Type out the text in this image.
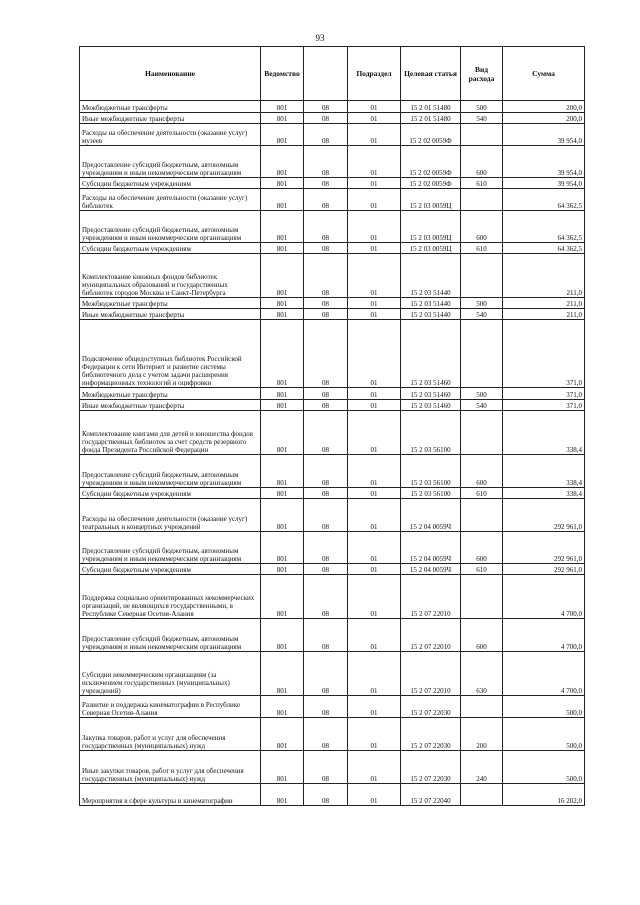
93
Наименование	Ведомство		Подраздел	Целевая статья	Вид расхода	Сумма
Межбюджетные трансферты	801	08	01	15 2 01 51480	500	200,0
Иные межбюджетные трансферты	801	08	01	15 2 01 51480	540	200,0
Расходы на обеспечение деятельности (оказание услуг) музеев	801	08	01	15 2 02 0059Ф		39 954,0
Предоставление субсидий бюджетным, автономным учреждениям и иным некоммерческим организациям	801	08	01	15 2 02 0059Ф	600	39 954,0
Субсидии бюджетным учреждениям	801	08	01	15 2 02 0059Ф	610	39 954,0
Расходы на обеспечение деятельности (оказание услуг) библиотек	801	08	01	15 2 03 0059Ц		64 362,5
Предоставление субсидий бюджетным, автономным учреждениям и иным некоммерческим организациям	801	08	01	15 2 03 0059Ц	600	64 362,5
Субсидии бюджетным учреждениям	801	08	01	15 2 03 0059Ц	610	64 362,5
Комплектование книжных фондов библиотек муниципальных образований и государственных библиотек городов Москвы и Санкт-Петербурга	801	08	01	15 2 03 51440		211,0
Межбюджетные трансферты	801	08	01	15 2 03 51440	500	211,0
Иные межбюджетные трансферты	801	08	01	15 2 03 51440	540	211,0
Подключение общедоступных библиотек Российской Федерации к сети Интернет и развитие системы библиотечного дела с учетом задачи расширения информационных технологий и оцифровки	801	08	01	15 2 03 51460		371,0
Межбюджетные трансферты	801	08	01	15 2 03 51460	500	371,0
Иные межбюджетные трансферты	801	08	01	15 2 03 51460	540	371,0
Комплектование книгами для детей и юношества фондов государственных библиотек за счет средств резервного фонда Президента Российской Федерации	801	08	01	15 2 03 56100		338,4
Предоставление субсидий бюджетным, автономным учреждениям и иным некоммерческим организациям	801	08	01	15 2 03 56100	600	338,4
Субсидии бюджетным учреждениям	801	08	01	15 2 03 56100	610	338,4
Расходы на обеспечение деятельности (оказание услуг) театральных и концертных учреждений	801	08	01	15 2 04 0059Ч		292 961,0
Предоставление субсидий бюджетным, автономным учреждениям и иным некоммерческим организациям	801	08	01	15 2 04 0059Ч	600	292 961,0
Субсидии бюджетным учреждениям	801	08	01	15 2 04 0059Ч	610	292 961,0
Поддержка социально ориентированных некоммерческих организаций, не являющихся государственными, в Республике Северная Осетия-Алания	801	08	01	15 2 07 22010		4 700,0
Предоставление субсидий бюджетным, автономным учреждениям и иным некоммерческим организациям	801	08	01	15 2 07 22010	600	4 700,0
Субсидии некоммерческим организациям (за исключением государственных (муниципальных) учреждений)	801	08	01	15 2 07 22010	630	4 700,0
Развитие и поддержка кинематографии в Республике Северная Осетия-Алания	801	08	01	15 2 07 22030		500,0
Закупка товаров, работ и услуг для обеспечения государственных (муниципальных) нужд	801	08	01	15 2 07 22030	200	500,0
Иные закупки товаров, работ и услуг для обеспечения государственных (муниципальных) нужд	801	08	01	15 2 07 22030	240	500,0
Мероприятия в сфере культуры и кинематографии	801	08	01	15 2 07 22040		16 202,0
